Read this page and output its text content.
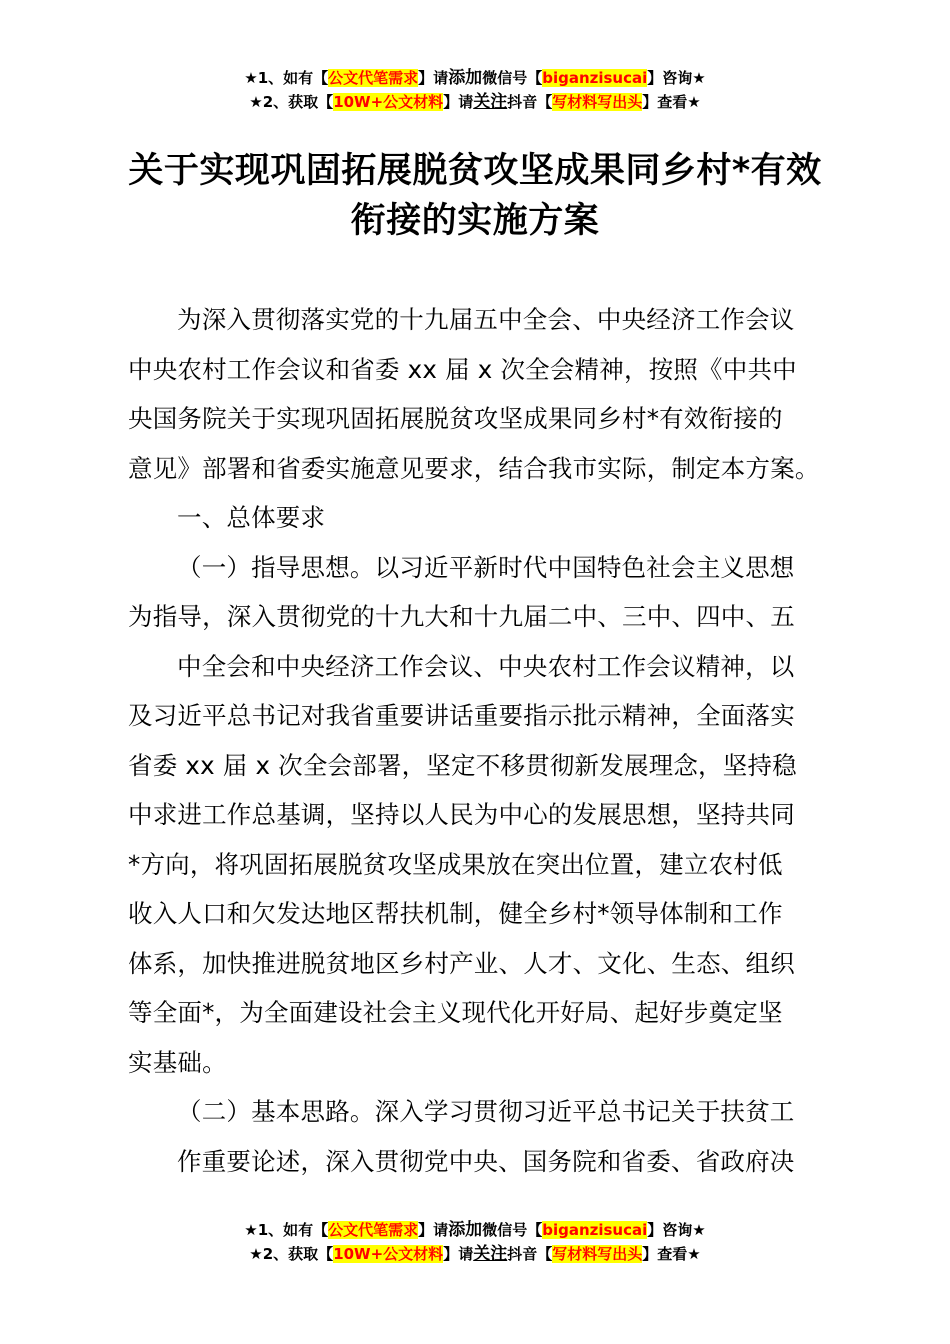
★1、如有【公文代笔需求】请添加微信号【biganzisucai】咨询★
★2、获取【10W+公文材料】请关注抖音【写材料写出头】查看★
关于实现巩固拓展脱贫攻坚成果同乡村*有效
衔接的实施方案
为深入贯彻落实党的十九届五中全会、中央经济工作会议
中央农村工作会议和省委 xx 届 x 次全会精神，按照《中共中
央国务院关于实现巩固拓展脱贫攻坚成果同乡村*有效衔接的
意见》部署和省委实施意见要求，结合我市实际，制定本方案。
一、总体要求
（一）指导思想。以习近平新时代中国特色社会主义思想
为指导，深入贯彻党的十九大和十九届二中、三中、四中、五
中全会和中央经济工作会议、中央农村工作会议精神，以
及习近平总书记对我省重要讲话重要指示批示精神，全面落实
省委 xx 届 x 次全会部署，坚定不移贯彻新发展理念，坚持稳
中求进工作总基调，坚持以人民为中心的发展思想，坚持共同
*方向，将巩固拓展脱贫攻坚成果放在突出位置，建立农村低
收入人口和欠发达地区帮扶机制，健全乡村*领导体制和工作
体系，加快推进脱贫地区乡村产业、人才、文化、生态、组织
等全面*，为全面建设社会主义现代化开好局、起好步奠定坚
实基础。
（二）基本思路。深入学习贯彻习近平总书记关于扶贫工
作重要论述，深入贯彻党中央、国务院和省委、省政府决
★1、如有【公文代笔需求】请添加微信号【biganzisucai】咨询★
★2、获取【10W+公文材料】请关注抖音【写材料写出头】查看★
